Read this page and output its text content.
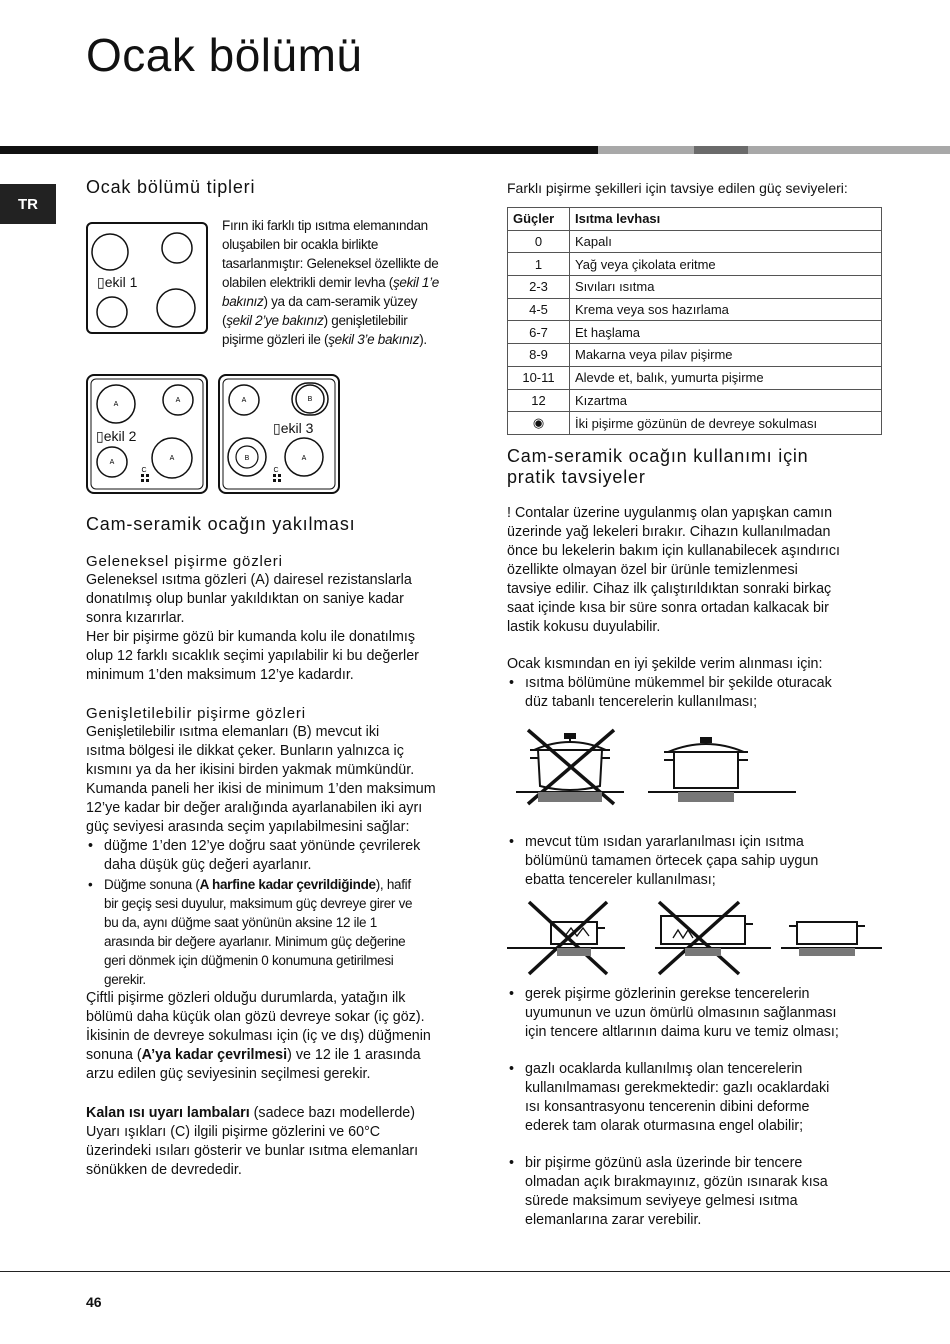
Ocak bölümü
TR
Ocak bölümü tipleri
▯ekil 1
Fırın iki farklı tip ısıtma elemanından
oluşabilen bir ocakla birlikte
tasarlanmıştır: Geleneksel özellikte de
olabilen elektrikli demir levha (şekil 1’e
bakınız) ya da cam-seramik yüzey
(şekil 2’ye bakınız) genişletilebilir
pişirme gözleri ile (şekil 3’e bakınız).
A
A
A
A
C
▯ekil 2
A	B
B	A
C
▯ekil 3
Cam-seramik ocağın yakılması
Geleneksel pişirme gözleri
Geleneksel ısıtma gözleri (A) dairesel rezistanslarla
donatılmış olup bunlar yakıldıktan on saniye kadar
sonra kızarırlar.
Her bir pişirme gözü bir kumanda kolu ile donatılmış
olup 12 farklı sıcaklık seçimi yapılabilir ki bu değerler
minimum 1’den maksimum 12’ye kadardır.
Genişletilebilir pişirme gözleri
Genişletilebilir ısıtma elemanları (B) mevcut iki
ısıtma bölgesi ile dikkat çeker. Bunların yalnızca iç
kısmını ya da her ikisini birden yakmak mümkündür.
Kumanda paneli her ikisi de minimum 1’den maksimum
12’ye kadar bir değer aralığında ayarlanabilen iki ayrı
güç seviyesi arasında seçim yapılabilmesini sağlar:
• düğme 1’den 12’ye doğru saat yönünde çevrilerek
daha düşük güç değeri ayarlanır.
• Düğme sonuna (A harfine kadar çevrildiğinde), hafif
bir geçiş sesi duyulur, maksimum güç devreye girer ve
bu da, aynı düğme saat yönünün aksine 12 ile 1
arasında bir değere ayarlanır. Minimum güç değerine
geri dönmek için düğmenin 0 konumuna getirilmesi
gerekir.
Çiftli pişirme gözleri olduğu durumlarda, yatağın ilk
bölümü daha küçük olan gözü devreye sokar (iç göz).
İkisinin de devreye sokulması için (iç ve dış) düğmenin
sonuna (A’ya kadar çevrilmesi) ve 12 ile 1 arasında
arzu edilen güç seviyesinin seçilmesi gerekir.
Kalan ısı uyarı lambaları (sadece bazı modellerde)
Uyarı ışıkları (C) ilgili pişirme gözlerini ve 60°C
üzerindeki ısıları gösterir ve bunlar ısıtma elemanları
sönükken de devrededir.
Farklı pişirme şekilleri için tavsiye edilen güç seviyeleri:
Güçler	Isıtma levhası
0	Kapalı
1	Yağ veya çikolata eritme
2-3	Sıvıları ısıtma
4-5	Krema veya sos hazırlama
6-7	Et haşlama
8-9	Makarna veya pilav pişirme
10-11	Alevde et, balık, yumurta pişirme
12	Kızartma
◉	İki pişirme gözünün de devreye sokulması
Cam-seramik ocağın kullanımı için
pratik tavsiyeler
! Contalar üzerine uygulanmış olan yapışkan camın
üzerinde yağ lekeleri bırakır. Cihazın kullanılmadan
önce bu lekelerin bakım için kullanabilecek aşındırıcı
özellikte olmayan özel bir ürünle temizlenmesi
tavsiye edilir. Cihaz ilk çalıştırıldıktan sonraki birkaç
saat içinde kısa bir süre sonra ortadan kalkacak bir
lastik kokusu duyulabilir.
Ocak kısmından en iyi şekilde verim alınması için:
• ısıtma bölümüne mükemmel bir şekilde oturacak
düz tabanlı tencerelerin kullanılması;
• mevcut tüm ısıdan yararlanılması için ısıtma
bölümünü tamamen örtecek çapa sahip uygun
ebatta tencereler kullanılması;
• gerek pişirme gözlerinin gerekse tencerelerin
uyumunun ve uzun ömürlü olmasının sağlanması
için tencere altlarının daima kuru ve temiz olması;
• gazlı ocaklarda kullanılmış olan tencerelerin
kullanılmaması gerekmektedir: gazlı ocaklardaki
ısı konsantrasyonu tencerenin dibini deforme
ederek tam olarak oturmasına engel olabilir;
• bir pişirme gözünü asla üzerinde bir tencere
olmadan açık bırakmayınız, gözün ısınarak kısa
sürede maksimum seviyeye gelmesi ısıtma
elemanlarına zarar verebilir.
46
